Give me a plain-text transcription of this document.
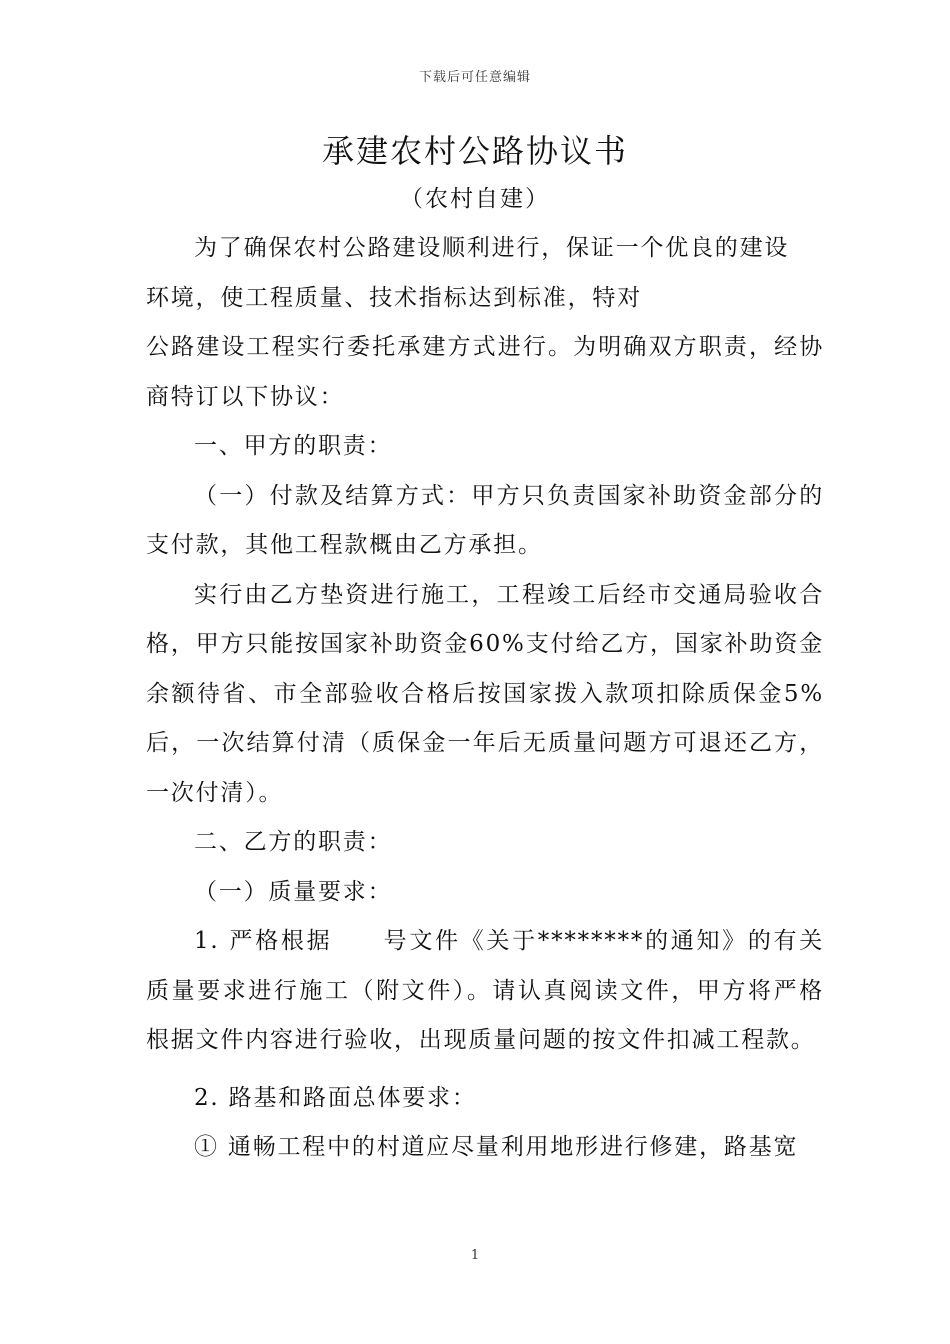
下载后可任意编辑
承建农村公路协议书
（农村自建）

为了确保农村公路建设顺利进行，保证一个优良的建设

环境，使工程质量、技术指标达到标准，特对

公路建设工程实行委托承建方式进行。为明确双方职责，经协商特订以下协议：

一、甲方的职责：

（一）付款及结算方式：甲方只负责国家补助资金部分的支付款，其他工程款概由乙方承担。

实行由乙方垫资进行施工，工程竣工后经市交通局验收合格，甲方只能按国家补助资金60%支付给乙方，国家补助资金余额待省、市全部验收合格后按国家拨入款项扣除质保金5%后，一次结算付清（质保金一年后无质量问题方可退还乙方，一次付清）。

二、乙方的职责：

（一）质量要求：

1. 严格根据　　号文件《关于********的通知》的有关质量要求进行施工（附文件）。请认真阅读文件，甲方将严格根据文件内容进行验收，出现质量问题的按文件扣减工程款。

2. 路基和路面总体要求：

① 通畅工程中的村道应尽量利用地形进行修建，路基宽

1
